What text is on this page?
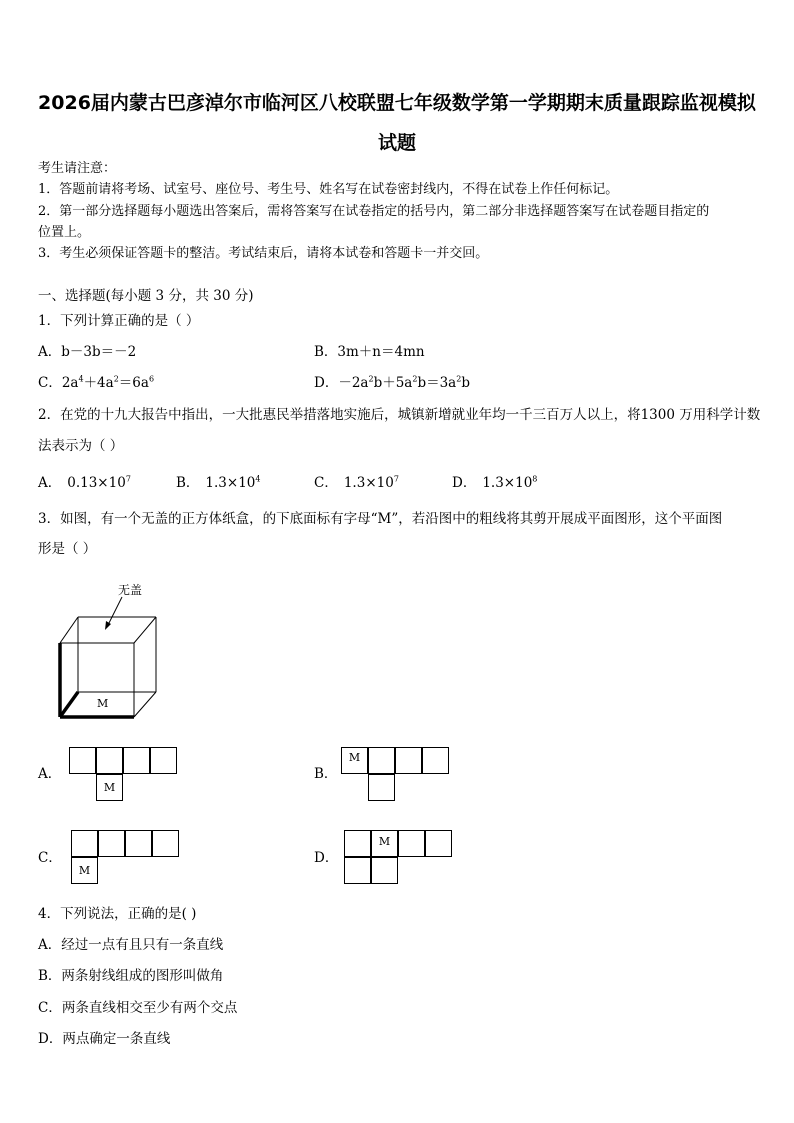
2026届内蒙古巴彦淖尔市临河区八校联盟七年级数学第一学期期末质量跟踪监视模拟
试题
考生请注意：
1．答题前请将考场、试室号、座位号、考生号、姓名写在试卷密封线内，不得在试卷上作任何标记。
2．第一部分选择题每小题选出答案后，需将答案写在试卷指定的括号内，第二部分非选择题答案写在试卷题目指定的
位置上。
3．考生必须保证答题卡的整洁。考试结束后，请将本试卷和答题卡一并交回。
一、选择题(每小题 3 分，共 30 分)
1．下列计算正确的是（ ）
A．b－3b＝－2	B．3m＋n＝4mn
C．$2a^4+4a^2=6a^6$	D．$-2a^2b+5a^2b=3a^2b$
2．在党的十九大报告中指出，一大批惠民举措落地实施后，城镇新增就业年均一千三百万人以上，将1300 万用科学计数
法表示为（ ）
A． $0.13\times 10^7$	B． $1.3\times 10^4$	C． $1.3\times 10^7$	D． $1.3\times 10^8$
3．如图，有一个无盖的正方体纸盒，的下底面标有字母“M”，若沿图中的粗线将其剪开展成平面图形，这个平面图
形是（ ）
无盖
M
A．
M
B．
M
C．
M
D．
M
4．下列说法，正确的是( )
A．经过一点有且只有一条直线
B．两条射线组成的图形叫做角
C．两条直线相交至少有两个交点
D．两点确定一条直线
